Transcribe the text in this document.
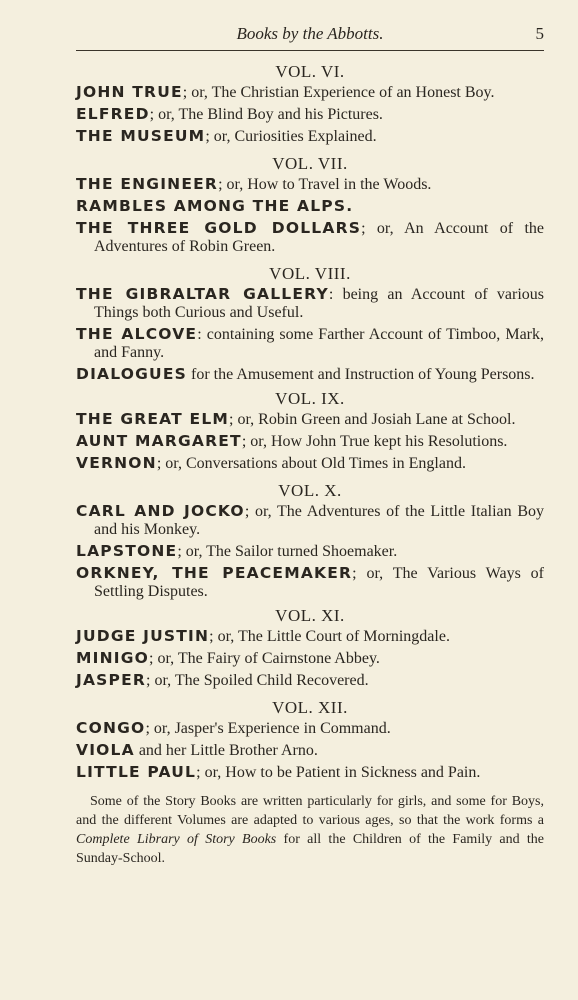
Books by the Abbotts.	5

VOL. VI.

JOHN TRUE; or, The Christian Experience of an Honest Boy.

ELFRED; or, The Blind Boy and his Pictures.

THE MUSEUM; or, Curiosities Explained.

VOL. VII.

THE ENGINEER; or, How to Travel in the Woods.

RAMBLES AMONG THE ALPS.

THE THREE GOLD DOLLARS; or, An Account of the Adventures of Robin Green.

VOL. VIII.

THE GIBRALTAR GALLERY: being an Account of various Things both Curious and Useful.

THE ALCOVE: containing some Farther Account of Timboo, Mark, and Fanny.

DIALOGUES for the Amusement and Instruction of Young Persons.

VOL. IX.

THE GREAT ELM; or, Robin Green and Josiah Lane at School.

AUNT MARGARET; or, How John True kept his Resolutions.

VERNON; or, Conversations about Old Times in England.

VOL. X.

CARL AND JOCKO; or, The Adventures of the Little Italian Boy and his Monkey.

LAPSTONE; or, The Sailor turned Shoemaker.

ORKNEY, THE PEACEMAKER; or, The Various Ways of Settling Disputes.

VOL. XI.

JUDGE JUSTIN; or, The Little Court of Morningdale.

MINIGO; or, The Fairy of Cairnstone Abbey.

JASPER; or, The Spoiled Child Recovered.

VOL. XII.

CONGO; or, Jasper's Experience in Command.

VIOLA and her Little Brother Arno.

LITTLE PAUL; or, How to be Patient in Sickness and Pain.

Some of the Story Books are written particularly for girls, and some for Boys, and the different Volumes are adapted to various ages, so that the work forms a Complete Library of Story Books for all the Children of the Family and the Sunday-School.
